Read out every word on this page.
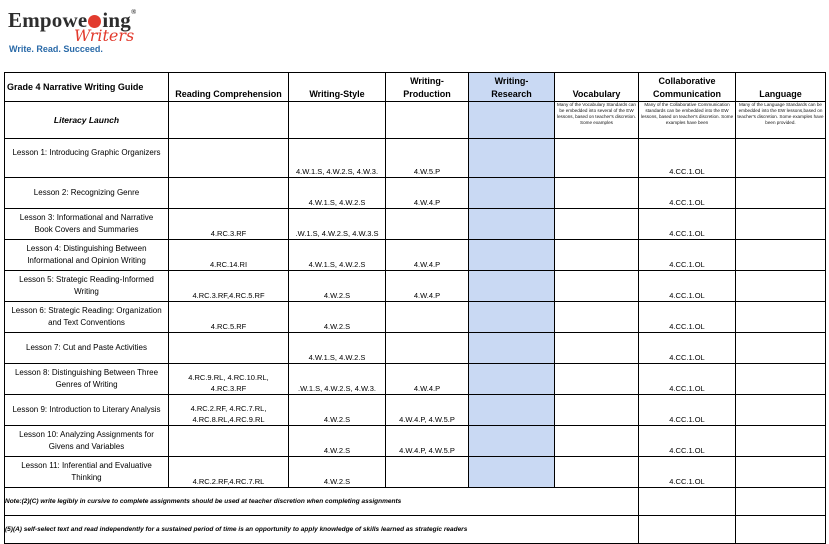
Empowe ing®
Writers
Write. Read. Succeed.
Grade 4 Narrative Writing Guide	Reading Comprehension	Writing-Style	Writing-
Production	Writing-
Research	Vocabulary	Collaborative
Communication	Language
Literacy Launch					Many of the Vocabulary Standards can be embedded into several of the EW lessons, based on teacher's discretion. Some examples	Many of the Collaborative Communication standards can be embedded into the EW lessons, based on teacher's discretion. Some examples have been	Many of the Language Standards can be embedded into the EW lessons,based on teacher's discretion. Some examples have been provided.

Lesson 1: Introducing Graphic Organizers		4.W.1.S, 4.W.2.S, 4.W.3.	4.W.5.P			4.CC.1.OL	

Lesson 2: Recognizing Genre		4.W.1.S, 4.W.2.S	4.W.4.P			4.CC.1.OL	

Lesson 3: Informational and Narrative
Book Covers and Summaries	4.RC.3.RF	.W.1.S, 4.W.2.S, 4.W.3.S				4.CC.1.OL	

Lesson 4: Distinguishing Between
Informational and Opinion Writing	4.RC.14.RI	4.W.1.S, 4.W.2.S	4.W.4.P			4.CC.1.OL	

Lesson 5: Strategic Reading-Informed
Writing	4.RC.3.RF,4.RC.5.RF	4.W.2.S	4.W.4.P			4.CC.1.OL	

Lesson 6: Strategic Reading: Organization
and Text Conventions	4.RC.5.RF	4.W.2.S				4.CC.1.OL	

Lesson 7: Cut and Paste Activities		4.W.1.S, 4.W.2.S				4.CC.1.OL	

Lesson 8: Distinguishing Between Three
Genres of Writing	4.RC.9.RL, 4.RC.10.RL,
4.RC.3.RF	.W.1.S, 4.W.2.S, 4.W.3.	4.W.4.P			4.CC.1.OL	

Lesson 9: Introduction to Literary Analysis	4.RC.2.RF, 4.RC.7.RL,
4.RC.8.RL,4.RC.9.RL	4.W.2.S	4.W.4.P, 4.W.5.P			4.CC.1.OL	

Lesson 10: Analyzing Assignments for
Givens and Variables		4.W.2.S	4.W.4.P, 4.W.5.P			4.CC.1.OL	

Lesson 11: Inferential and Evaluative
Thinking	4.RC.2.RF,4.RC.7.RL	4.W.2.S				4.CC.1.OL	

Note:(2)(C) write legibly in cursive to complete assignments should be used at teacher discretion when completing assignments							
(5)(A) self-select text and read independently for a sustained period of time is an opportunity to apply knowledge of skills learned as strategic readers							
